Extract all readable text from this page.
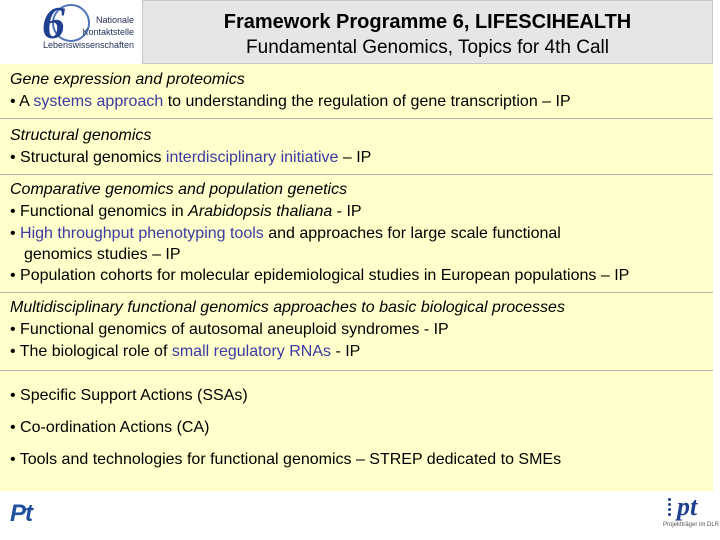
6	Nationale
Kontaktstelle
Lebenswissenschaften
Framework Programme 6, LIFESCIHEALTH
Fundamental Genomics, Topics for 4th Call
Gene expression and proteomics
• A systems approach to understanding the regulation of gene transcription – IP
Structural genomics
• Structural genomics interdisciplinary initiative – IP
Comparative genomics and population genetics
• Functional genomics in Arabidopsis thaliana - IP
• High throughput phenotyping tools and approaches for large scale functional
genomics studies – IP
• Population cohorts for molecular epidemiological studies in European populations – IP
Multidisciplinary functional genomics approaches to basic biological processes
• Functional genomics of autosomal aneuploid syndromes - IP
• The biological role of small regulatory RNAs - IP
• Specific Support Actions (SSAs)
• Co-ordination Actions (CA)
• Tools and technologies for functional genomics – STREP dedicated to SMEs
Pt	pt
Projektträger im DLR
